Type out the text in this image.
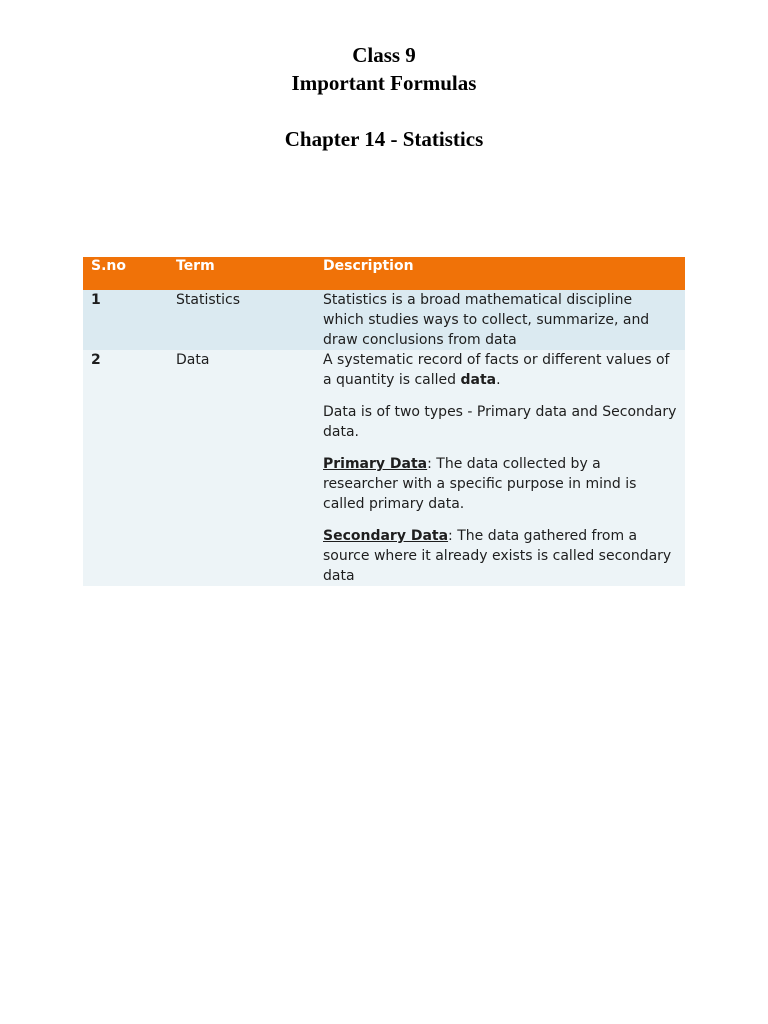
Class 9
Important Formulas
Chapter 14 - Statistics
S.no	Term	Description
1	Statistics	Statistics is a broad mathematical discipline which studies ways to collect, summarize, and draw conclusions from data
2	Data	A systematic record of facts or different values of a quantity is called data.

Data is of two types - Primary data and Secondary data.

Primary Data: The data collected by a researcher with a specific purpose in mind is called primary data.

Secondary Data: The data gathered from a source where it already exists is called secondary data
